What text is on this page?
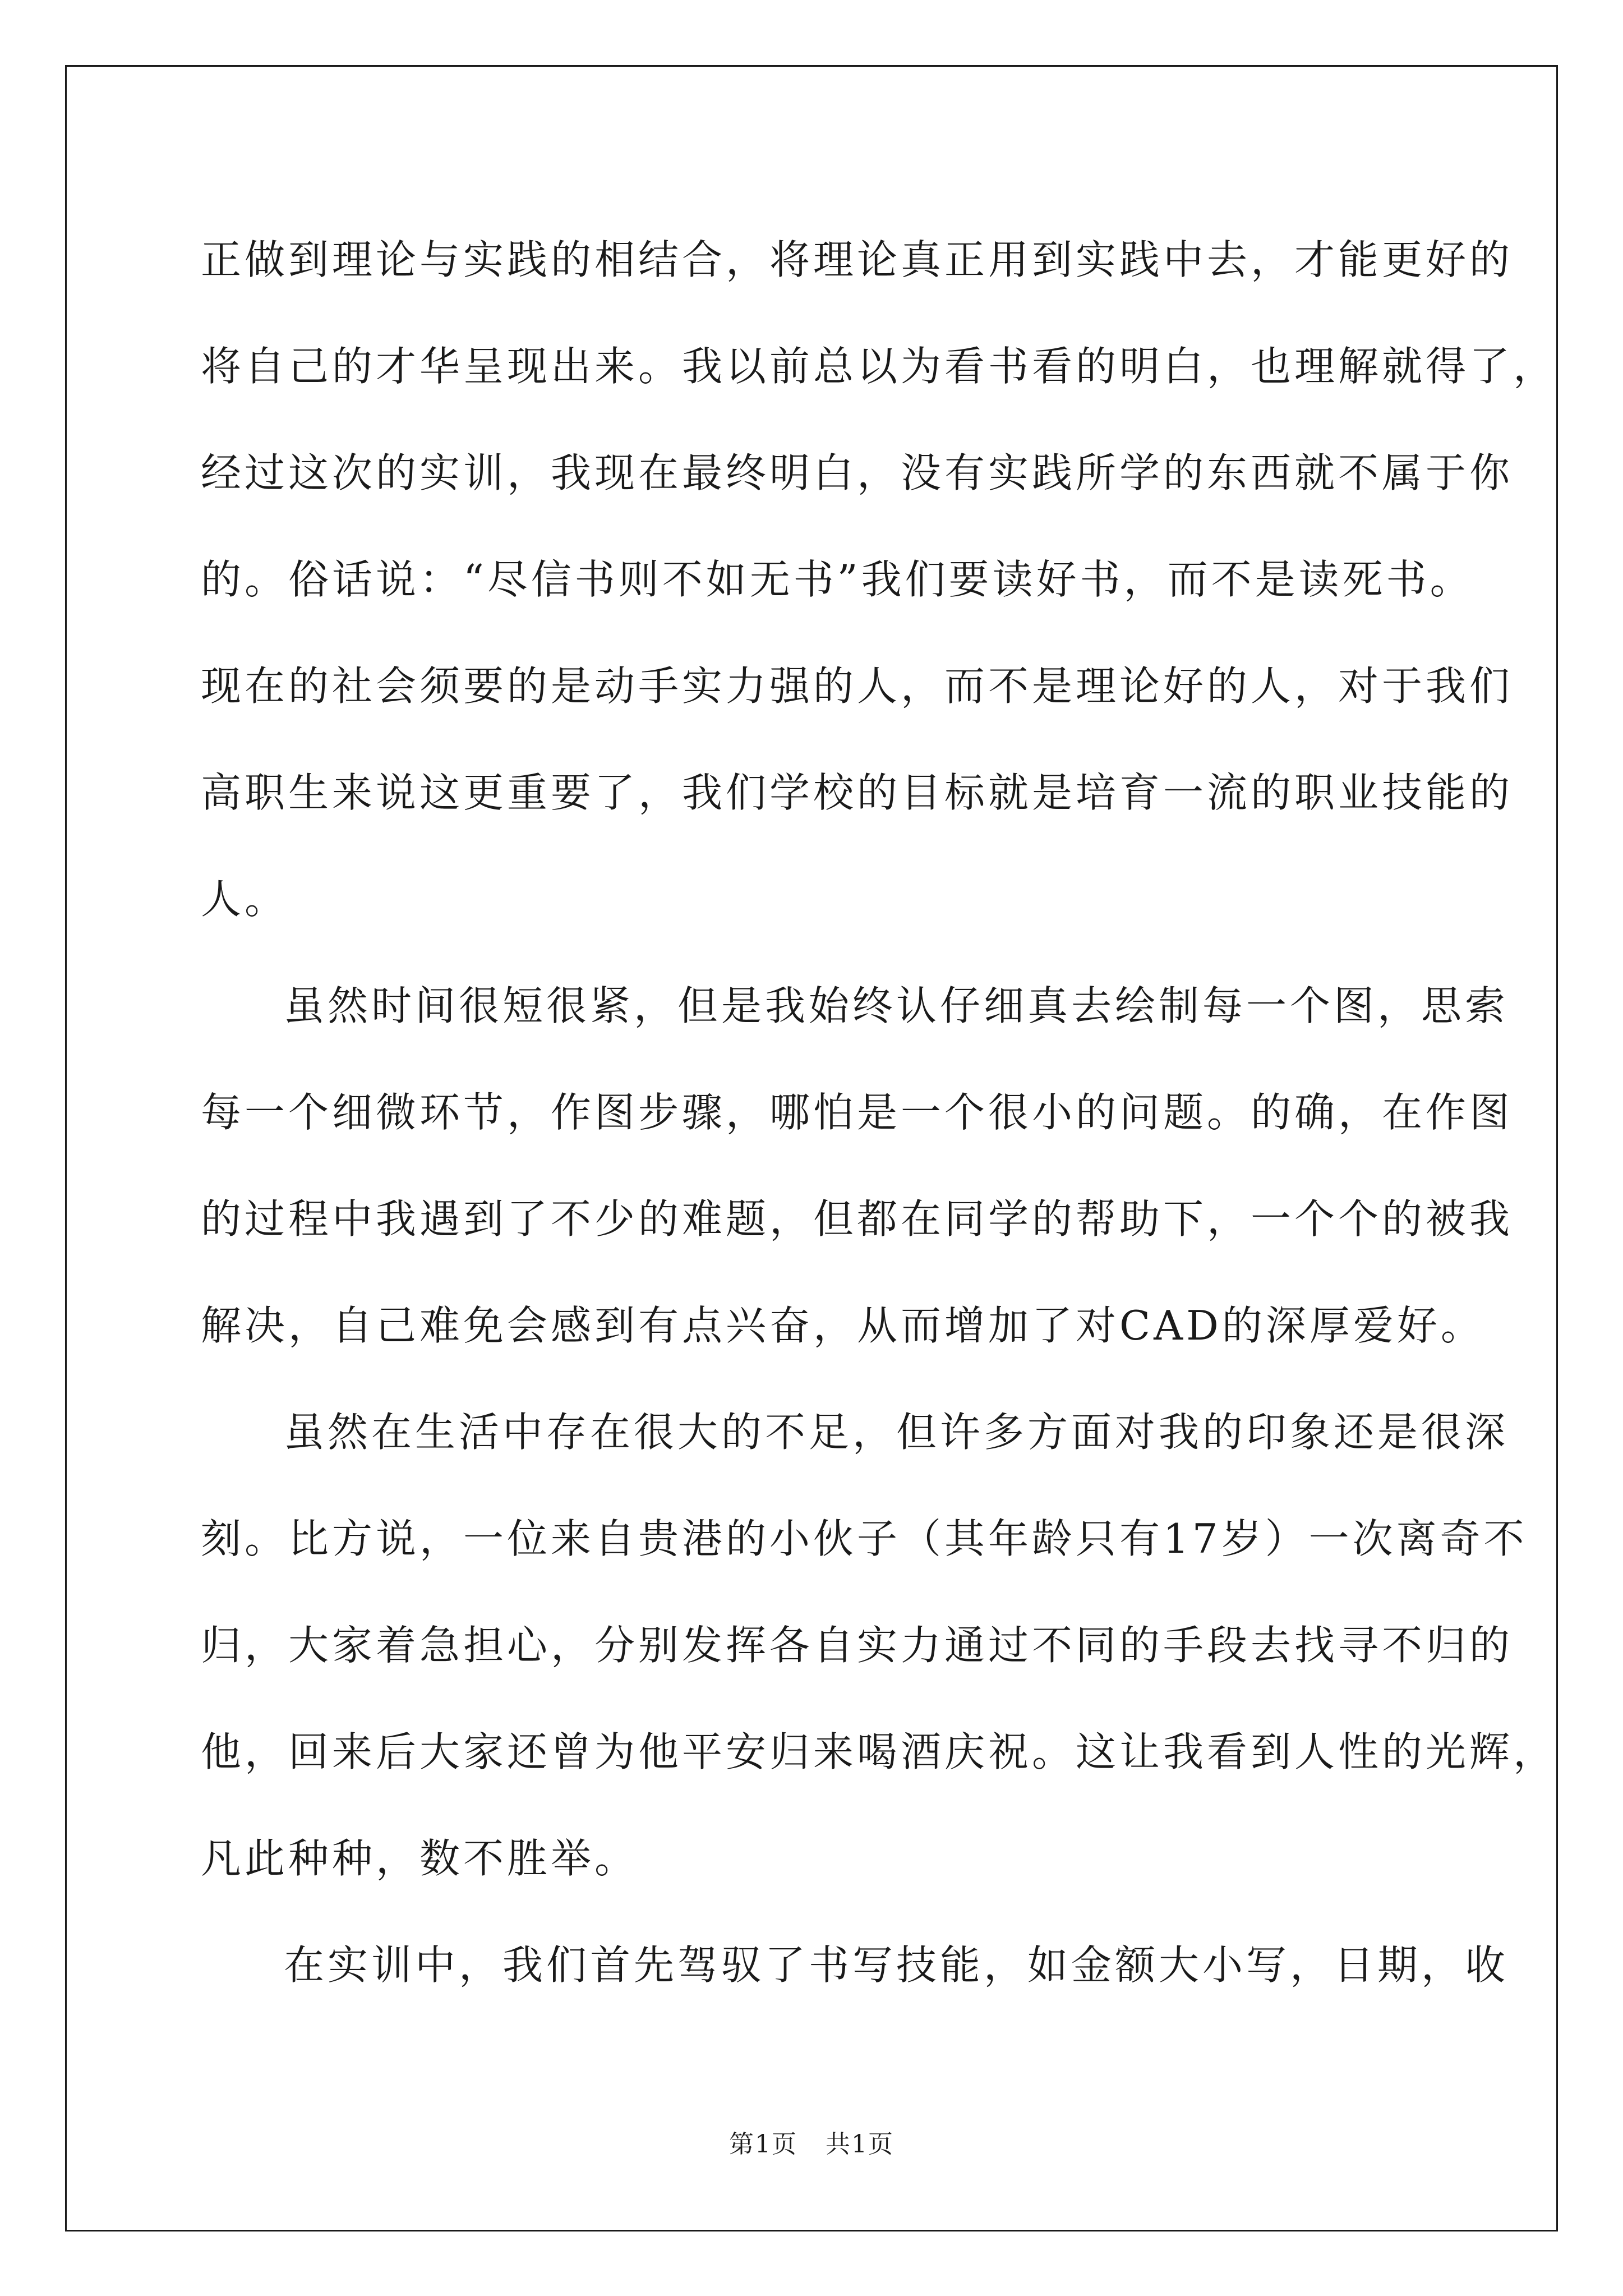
正做到理论与实践的相结合，将理论真正用到实践中去，才能更好的

将自己的才华呈现出来。我以前总以为看书看的明白，也理解就得了，

经过这次的实训，我现在最终明白，没有实践所学的东西就不属于你

的。俗话说：“尽信书则不如无书”我们要读好书，而不是读死书。

现在的社会须要的是动手实力强的人，而不是理论好的人，对于我们

高职生来说这更重要了，我们学校的目标就是培育一流的职业技能的

人。

虽然时间很短很紧，但是我始终认仔细真去绘制每一个图，思索

每一个细微环节，作图步骤，哪怕是一个很小的问题。的确，在作图

的过程中我遇到了不少的难题，但都在同学的帮助下，一个个的被我

解决，自己难免会感到有点兴奋，从而增加了对CAD的深厚爱好。

虽然在生活中存在很大的不足，但许多方面对我的印象还是很深

刻。比方说，一位来自贵港的小伙子（其年龄只有17岁）一次离奇不

归，大家着急担心，分别发挥各自实力通过不同的手段去找寻不归的

他，回来后大家还曾为他平安归来喝酒庆祝。这让我看到人性的光辉，

凡此种种，数不胜举。

在实训中，我们首先驾驭了书写技能，如金额大小写，日期，收

第1页 共1页
